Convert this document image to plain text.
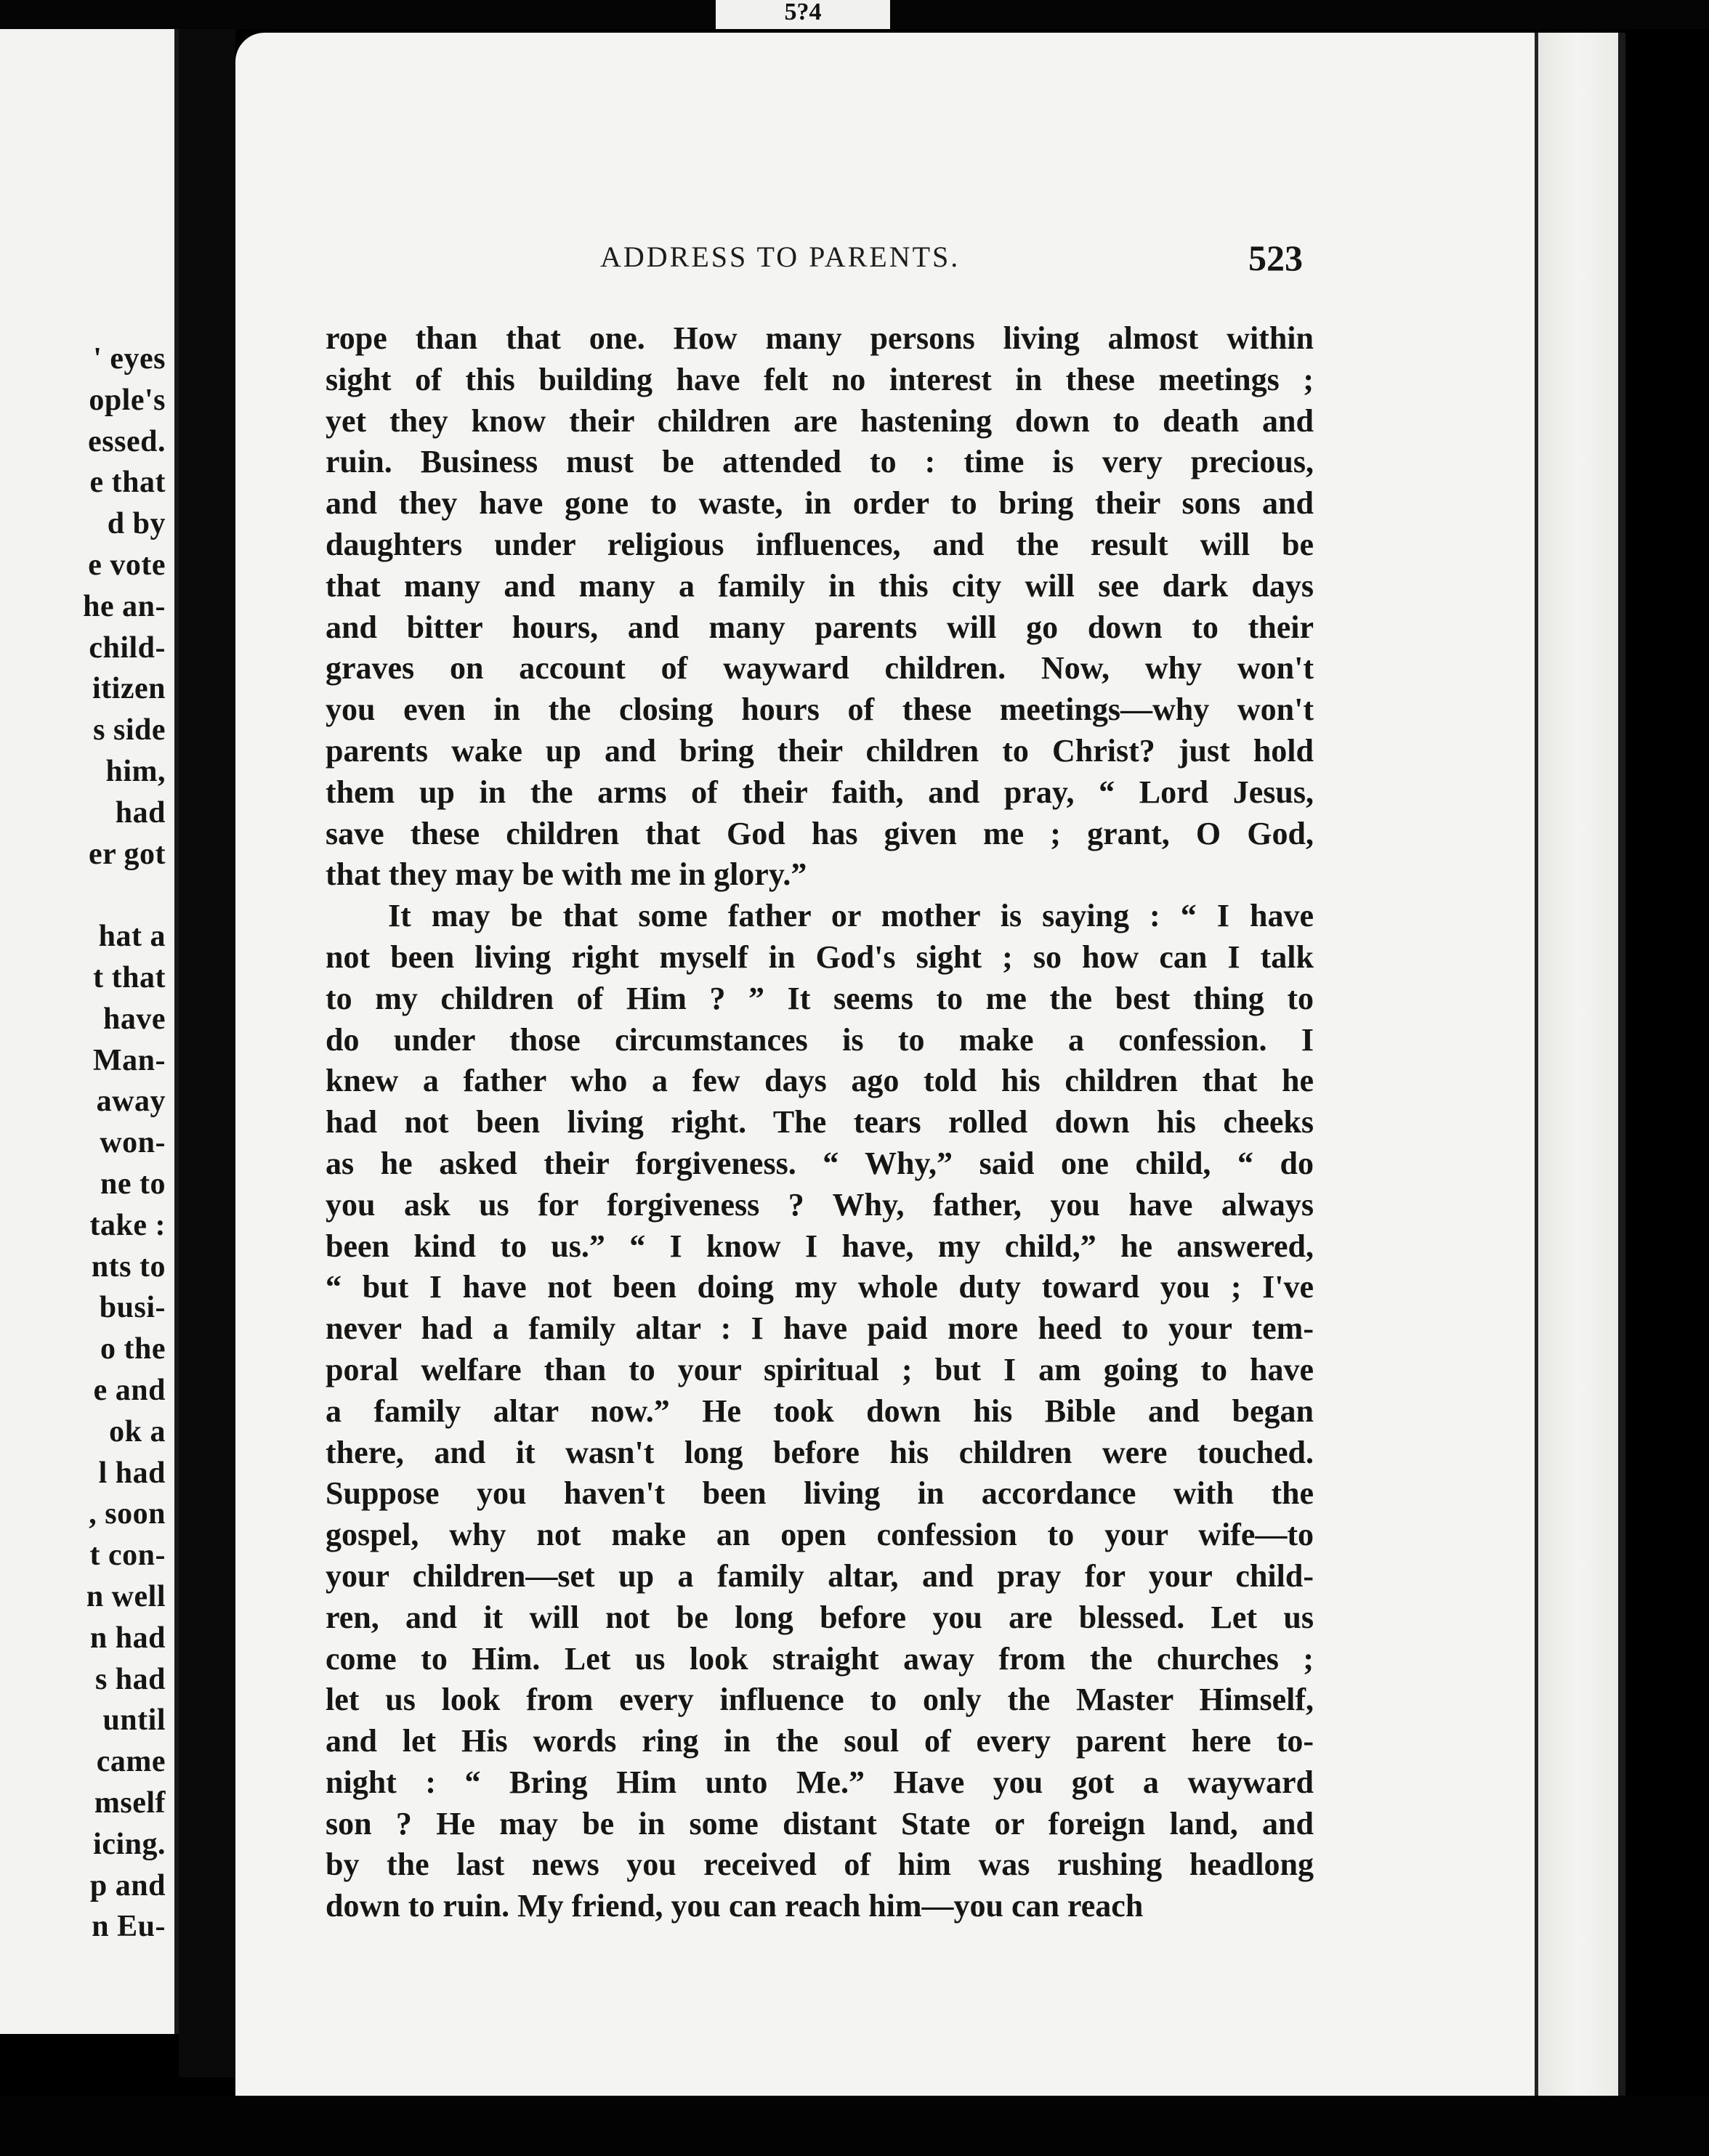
5?4
' eyes
ople's
essed.
e that
d by
e vote
he an-
child-
itizen
s side
him,
had
er got
hat a
t that
have
Man-
away
won-
ne to
take :
nts to
busi-
o the
e and
ok a
l had
, soon
t con-
n well
n had
s had
until
came
mself
icing.
p and
n Eu-
ADDRESS TO PARENTS.	523
rope than that one. How many persons living almost within
sight of this building have felt no interest in these meetings ;
yet they know their children are hastening down to death and
ruin. Business must be attended to : time is very precious,
and they have gone to waste, in order to bring their sons and
daughters under religious influences, and the result will be
that many and many a family in this city will see dark days
and bitter hours, and many parents will go down to their
graves on account of wayward children. Now, why won't
you even in the closing hours of these meetings—why won't
parents wake up and bring their children to Christ? just hold
them up in the arms of their faith, and pray, “ Lord Jesus,
save these children that God has given me ; grant, O God,
that they may be with me in glory.”
It may be that some father or mother is saying : “ I have
not been living right myself in God's sight ; so how can I talk
to my children of Him ? ” It seems to me the best thing to
do under those circumstances is to make a confession. I
knew a father who a few days ago told his children that he
had not been living right. The tears rolled down his cheeks
as he asked their forgiveness. “ Why,” said one child, “ do
you ask us for forgiveness ? Why, father, you have always
been kind to us.” “ I know I have, my child,” he answered,
“ but I have not been doing my whole duty toward you ; I've
never had a family altar : I have paid more heed to your tem-
poral welfare than to your spiritual ; but I am going to have
a family altar now.” He took down his Bible and began
there, and it wasn't long before his children were touched.
Suppose you haven't been living in accordance with the
gospel, why not make an open confession to your wife—to
your children—set up a family altar, and pray for your child-
ren, and it will not be long before you are blessed. Let us
come to Him. Let us look straight away from the churches ;
let us look from every influence to only the Master Himself,
and let His words ring in the soul of every parent here to-
night : “ Bring Him unto Me.” Have you got a wayward
son ? He may be in some distant State or foreign land, and
by the last news you received of him was rushing headlong
down to ruin. My friend, you can reach him—you can reach
